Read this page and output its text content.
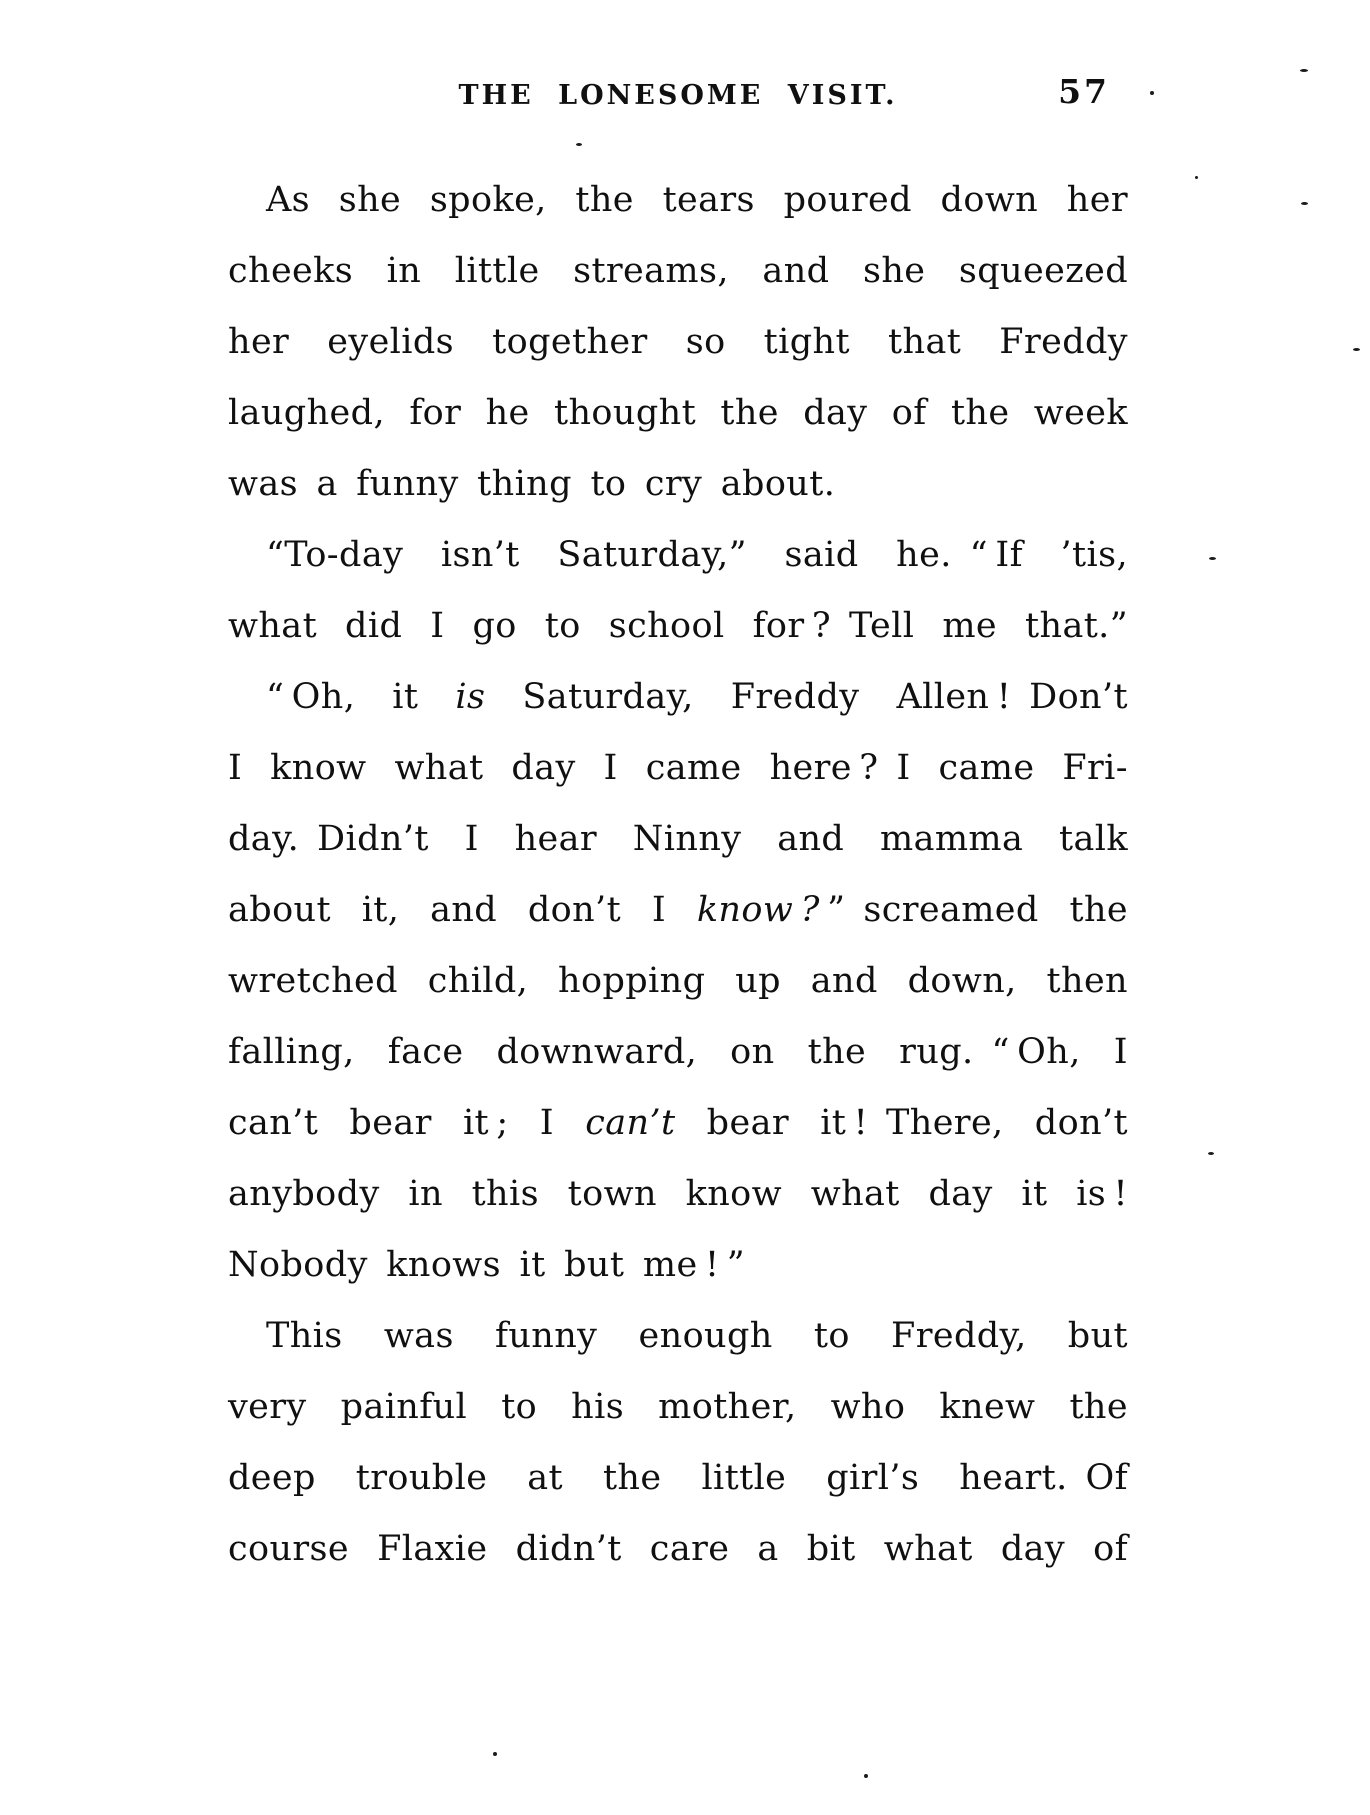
THE LONESOME VISIT.	57
As she spoke, the tears poured down her
cheeks in little streams, and she squeezed
her eyelids together so tight that Freddy
laughed, for he thought the day of the week
was a funny thing to cry about.
“To-day isn’t Saturday,” said he. “ If ’tis,
what did I go to school for ? Tell me that.”
“ Oh, it is Saturday, Freddy Allen ! Don’t
I know what day I came here ? I came Fri-
day. Didn’t I hear Ninny and mamma talk
about it, and don’t I know ? ” screamed the
wretched child, hopping up and down, then
falling, face downward, on the rug. “ Oh, I
can’t bear it ; I can’t bear it ! There, don’t
anybody in this town know what day it is !
Nobody knows it but me ! ”
This was funny enough to Freddy, but
very painful to his mother, who knew the
deep trouble at the little girl’s heart. Of
course Flaxie didn’t care a bit what day of
